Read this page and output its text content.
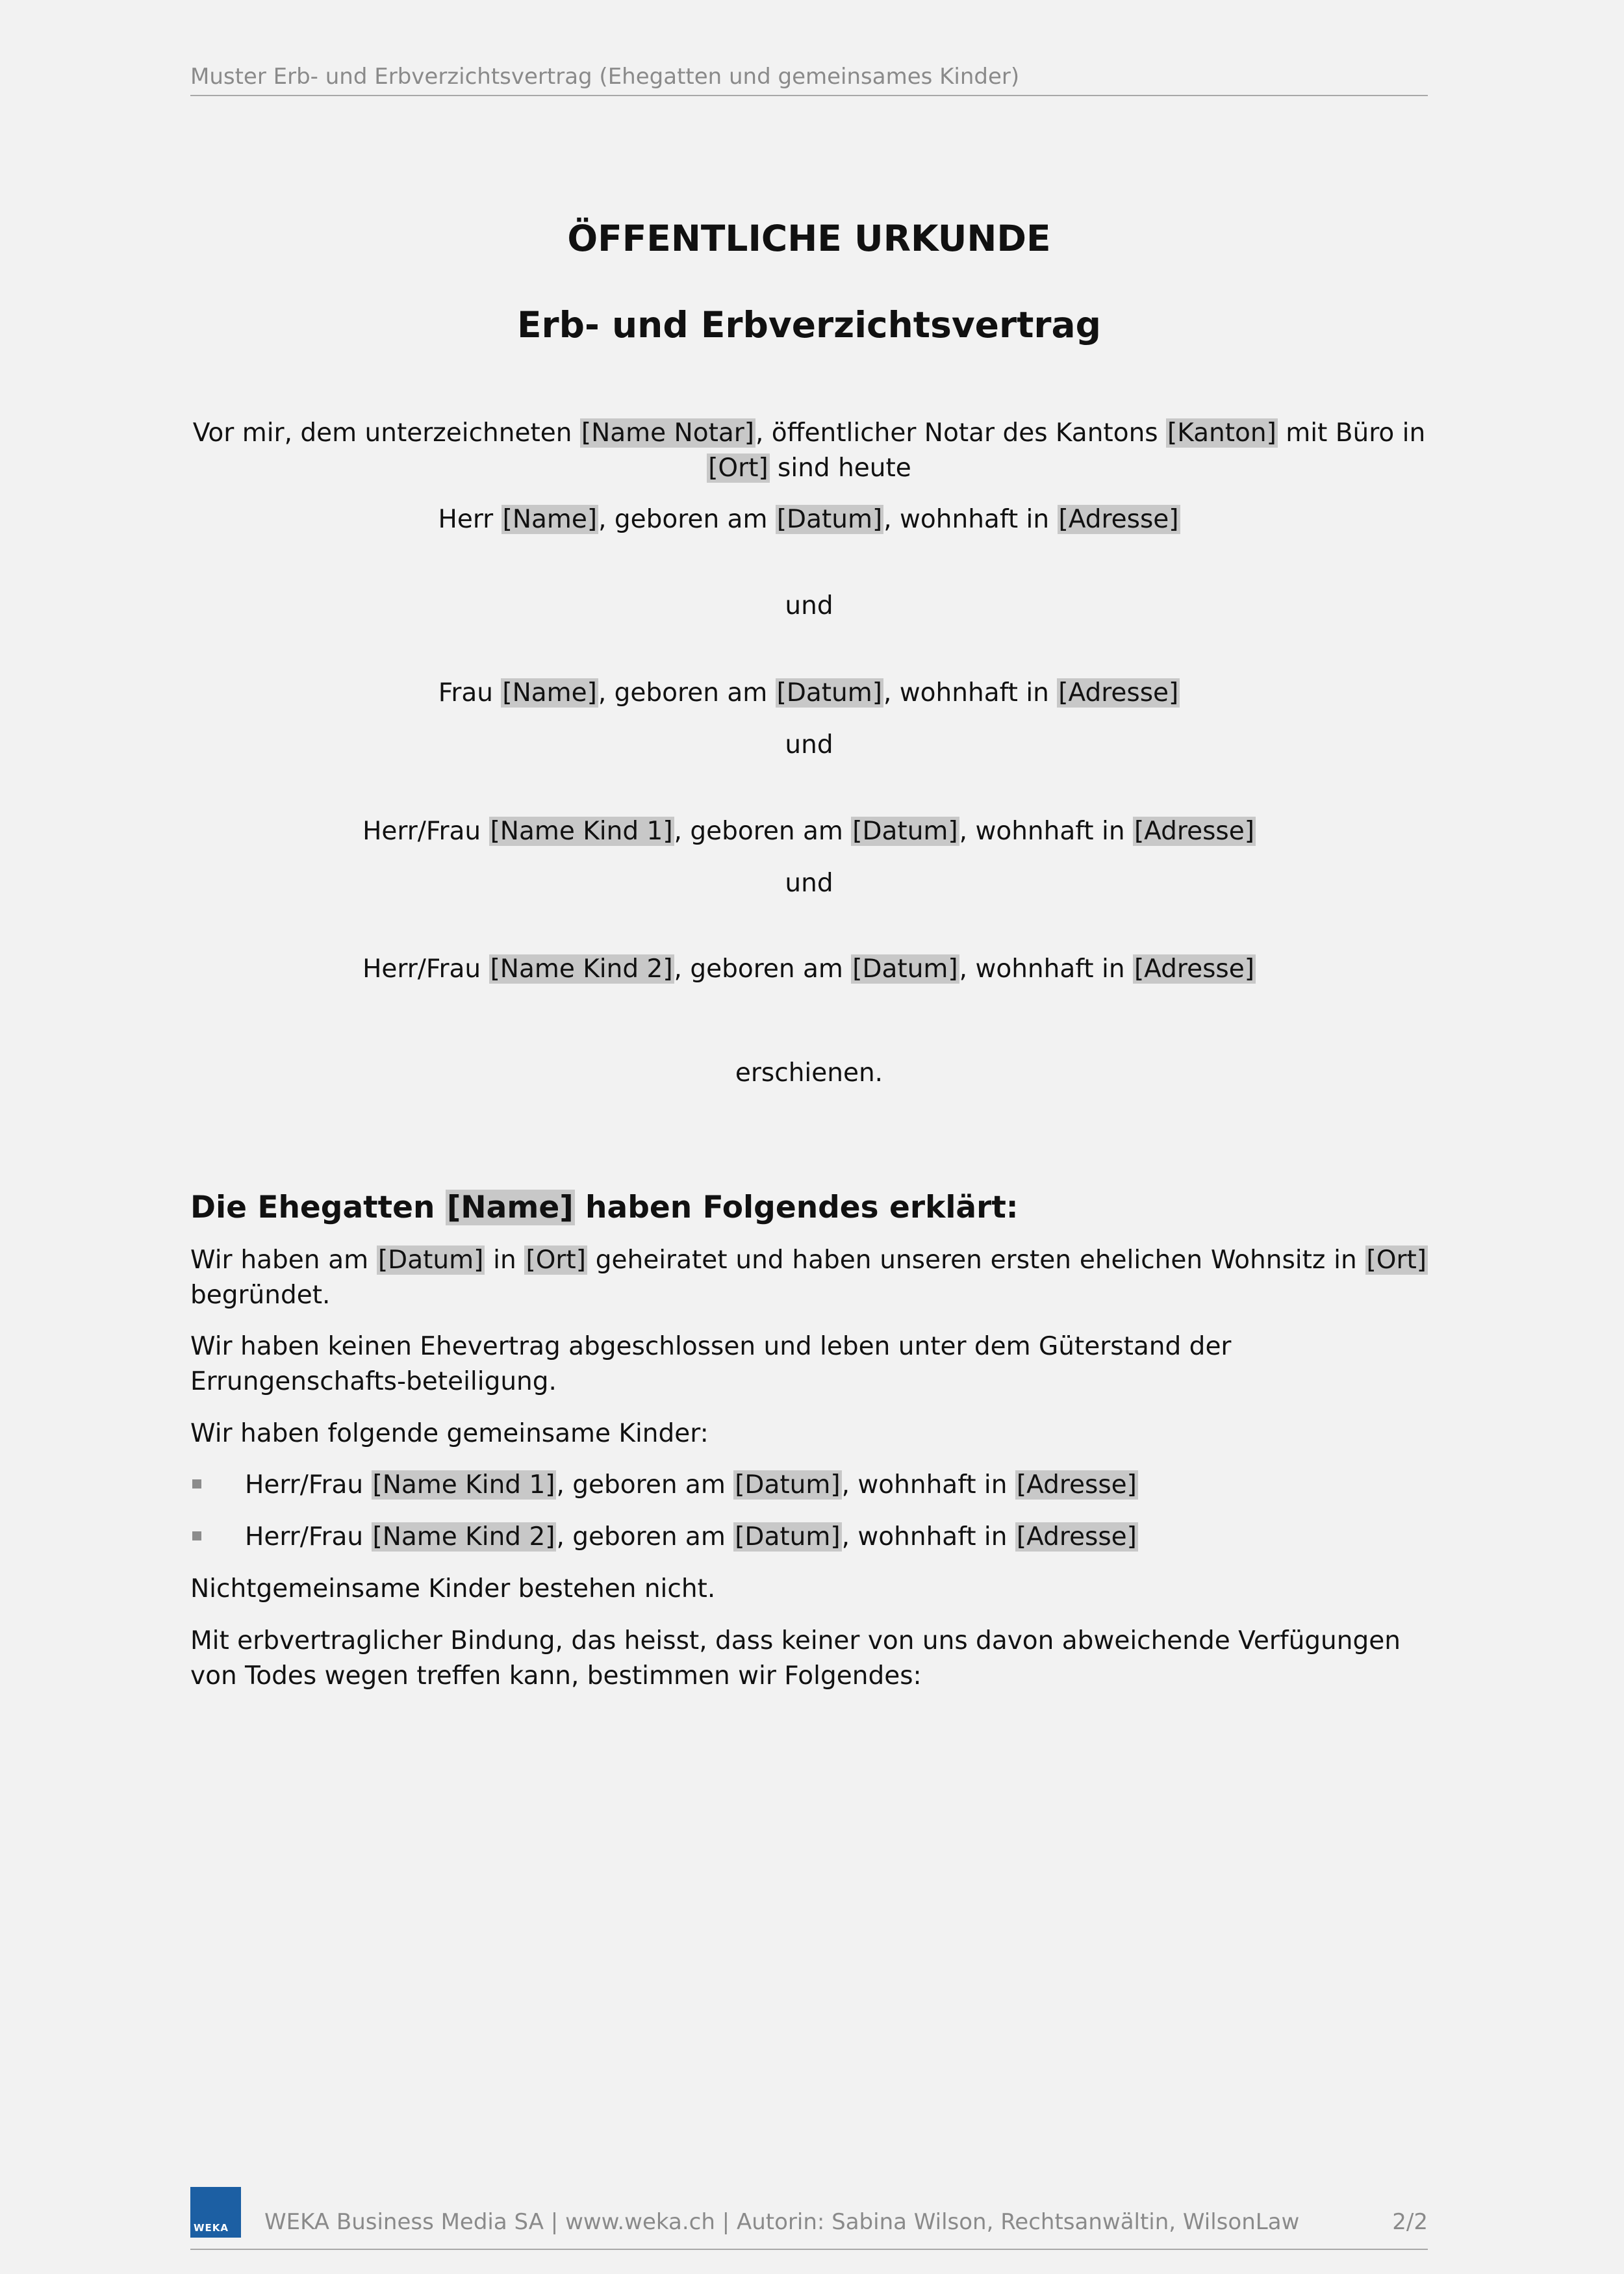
Muster Erb- und Erbverzichtsvertrag (Ehegatten und gemeinsames Kinder)
ÖFFENTLICHE URKUNDE
Erb- und Erbverzichtsvertrag
Vor mir, dem unterzeichneten [Name Notar], öffentlicher Notar des Kantons [Kanton] mit Büro in
[Ort] sind heute
Herr [Name], geboren am [Datum], wohnhaft in [Adresse]
und
Frau [Name], geboren am [Datum], wohnhaft in [Adresse]
und
Herr/Frau [Name Kind 1], geboren am [Datum], wohnhaft in [Adresse]
und
Herr/Frau [Name Kind 2], geboren am [Datum], wohnhaft in [Adresse]
erschienen.
Die Ehegatten [Name] haben Folgendes erklärt:
Wir haben am [Datum] in [Ort] geheiratet und haben unseren ersten ehelichen Wohnsitz in [Ort] begründet.
Wir haben keinen Ehevertrag abgeschlossen und leben unter dem Güterstand der Errungenschafts-beteiligung.
Wir haben folgende gemeinsame Kinder:
Herr/Frau [Name Kind 1], geboren am [Datum], wohnhaft in [Adresse]
Herr/Frau [Name Kind 2], geboren am [Datum], wohnhaft in [Adresse]
Nichtgemeinsame Kinder bestehen nicht.
Mit erbvertraglicher Bindung, das heisst, dass keiner von uns davon abweichende Verfügungen von Todes wegen treffen kann, bestimmen wir Folgendes:
WEKA WEKA Business Media SA | www.weka.ch | Autorin: Sabina Wilson, Rechtsanwältin, WilsonLaw	2/2
